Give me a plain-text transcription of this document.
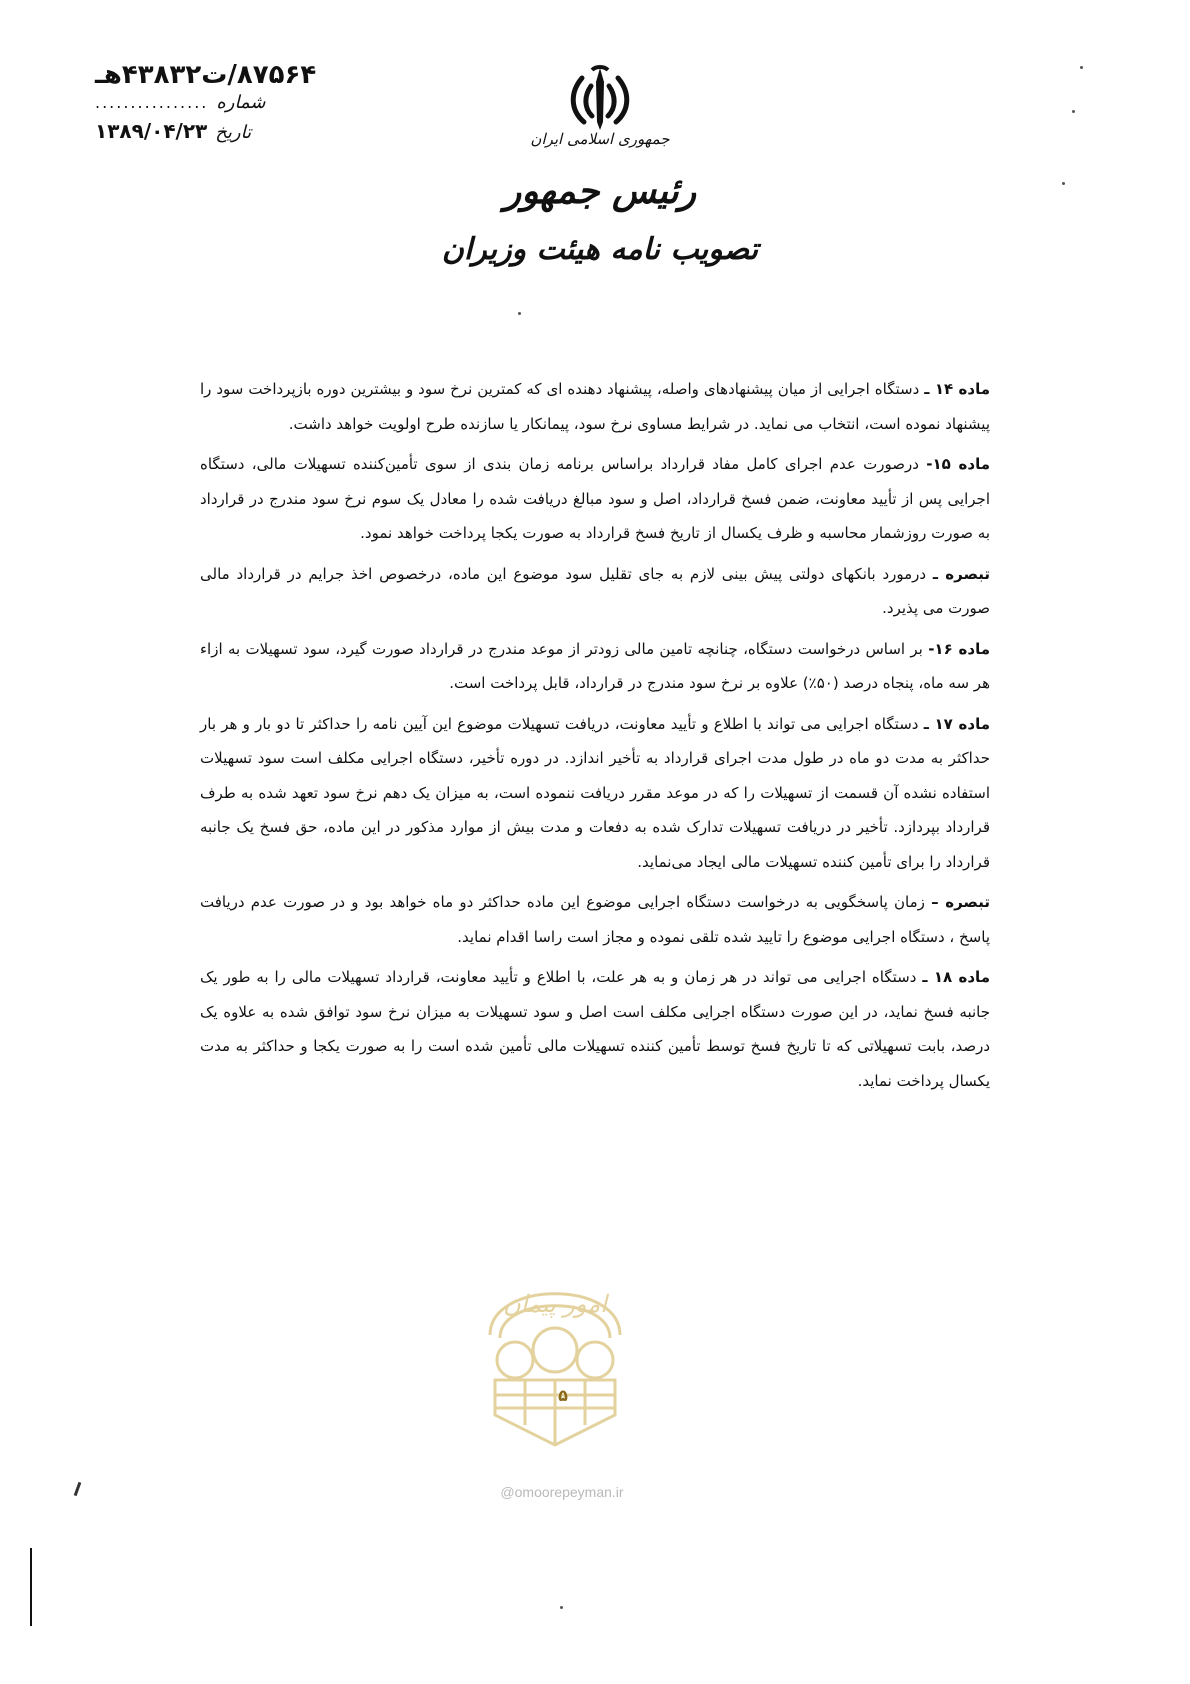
۸۷۵۶۴/ت۴۳۸۳۲هـ
شماره
................
تاریخ
۱۳۸۹/۰۴/۲۳	جمهوری اسلامی ایران
رئیس جمهور
تصویب نامه هیئت وزیران

ماده ۱۴ ـ دستگاه اجرایی از میان پیشنهادهای واصله، پیشنهاد دهنده ای که کمترین نرخ سود و بیشترین دوره بازپرداخت سود را پیشنهاد نموده است، انتخاب می نماید. در شرایط مساوی نرخ سود، پیمانکار یا سازنده طرح اولویت خواهد داشت.

ماده ۱۵- درصورت عدم اجرای کامل مفاد قرارداد براساس برنامه زمان بندی از سوی تأمین‌کننده تسهیلات مالی، دستگاه اجرایی پس از تأیید معاونت، ضمن فسخ قرارداد، اصل و سود مبالغ دریافت شده را معادل یک سوم نرخ سود مندرج در قرارداد به صورت روزشمار محاسبه و ظرف یکسال از تاریخ فسخ قرارداد به صورت یکجا پرداخت خواهد نمود.

تبصره ـ درمورد بانکهای دولتی پیش بینی لازم به جای تقلیل سود موضوع این ماده، درخصوص اخذ جرایم در قرارداد مالی صورت می پذیرد.

ماده ۱۶- بر اساس درخواست دستگاه، چنانچه تامین مالی زودتر از موعد مندرج در قرارداد صورت گیرد، سود تسهیلات به ازاء هر سه ماه، پنجاه درصد (۵۰٪) علاوه بر نرخ سود مندرج در قرارداد، قابل پرداخت است.

ماده ۱۷ ـ دستگاه اجرایی می تواند با اطلاع و تأیید معاونت، دریافت تسهیلات موضوع این آیین نامه را حداکثر تا دو بار و هر بار حداکثر به مدت دو ماه در طول مدت اجرای قرارداد به تأخیر اندازد. در دوره تأخیر، دستگاه اجرایی مکلف است سود تسهیلات استفاده نشده آن قسمت از تسهیلات را که در موعد مقرر دریافت ننموده است، به میزان یک دهم نرخ سود تعهد شده به طرف قرارداد بپردازد. تأخیر در دریافت تسهیلات تدارک شده به دفعات و مدت بیش از موارد مذکور در این ماده، حق فسخ یک جانبه قرارداد را برای تأمین کننده تسهیلات مالی ایجاد می‌نماید.

تبصره – زمان پاسخگویی به درخواست دستگاه اجرایی موضوع این ماده حداکثر دو ماه خواهد بود و در صورت عدم دریافت پاسخ ، دستگاه اجرایی موضوع را تایید شده تلقی نموده و مجاز است راسا اقدام نماید.

ماده ۱۸ ـ دستگاه اجرایی می تواند در هر زمان و به هر علت، با اطلاع و تأیید معاونت، قرارداد تسهیلات مالی را به طور یک جانبه فسخ نماید، در این صورت دستگاه اجرایی مکلف است اصل و سود تسهیلات به میزان نرخ سود توافق شده به علاوه یک درصد، بابت تسهیلاتی که تا تاریخ فسخ توسط تأمین کننده تسهیلات مالی تأمین شده است را به صورت یکجا و حداکثر به مدت یکسال پرداخت نماید.

امور پیمان
۵
@omoorepeyman.ir
